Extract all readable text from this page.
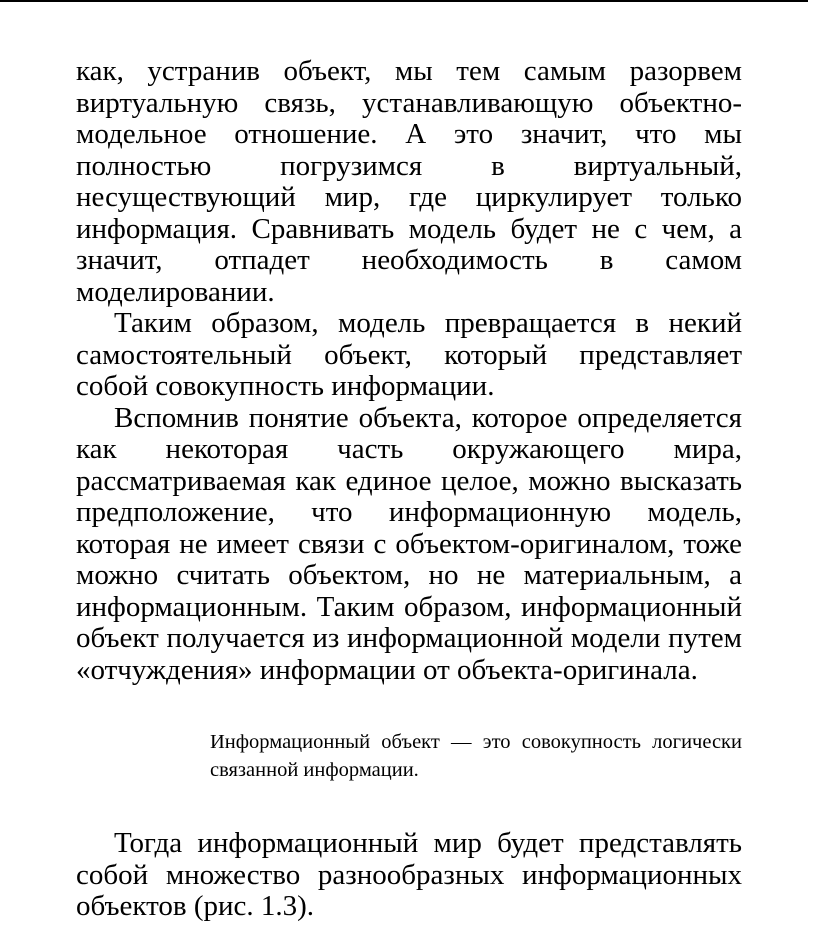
как, устранив объект, мы тем самым разорвем виртуальную связь, устанавливающую объектно-модельное отношение. А это значит, что мы полностью погрузимся в виртуальный, несуществующий мир, где циркулирует только информация. Сравнивать модель будет не с чем, а значит, отпадет необходимость в самом моделировании.

Таким образом, модель превращается в некий самостоятельный объект, который представляет собой совокупность информации.

Вспомнив понятие объекта, которое определяется как некоторая часть окружающего мира, рассматриваемая как единое целое, можно высказать предположение, что информационную модель, которая не имеет связи с объектом-оригиналом, тоже можно считать объектом, но не материальным, а информационным. Таким образом, информационный объект получается из информационной модели путем «отчуждения» информации от объекта-оригинала.

Информационный объект — это совокупность логически связанной информации.

Тогда информационный мир будет представлять собой множество разнообразных информационных объектов (рис. 1.3).
